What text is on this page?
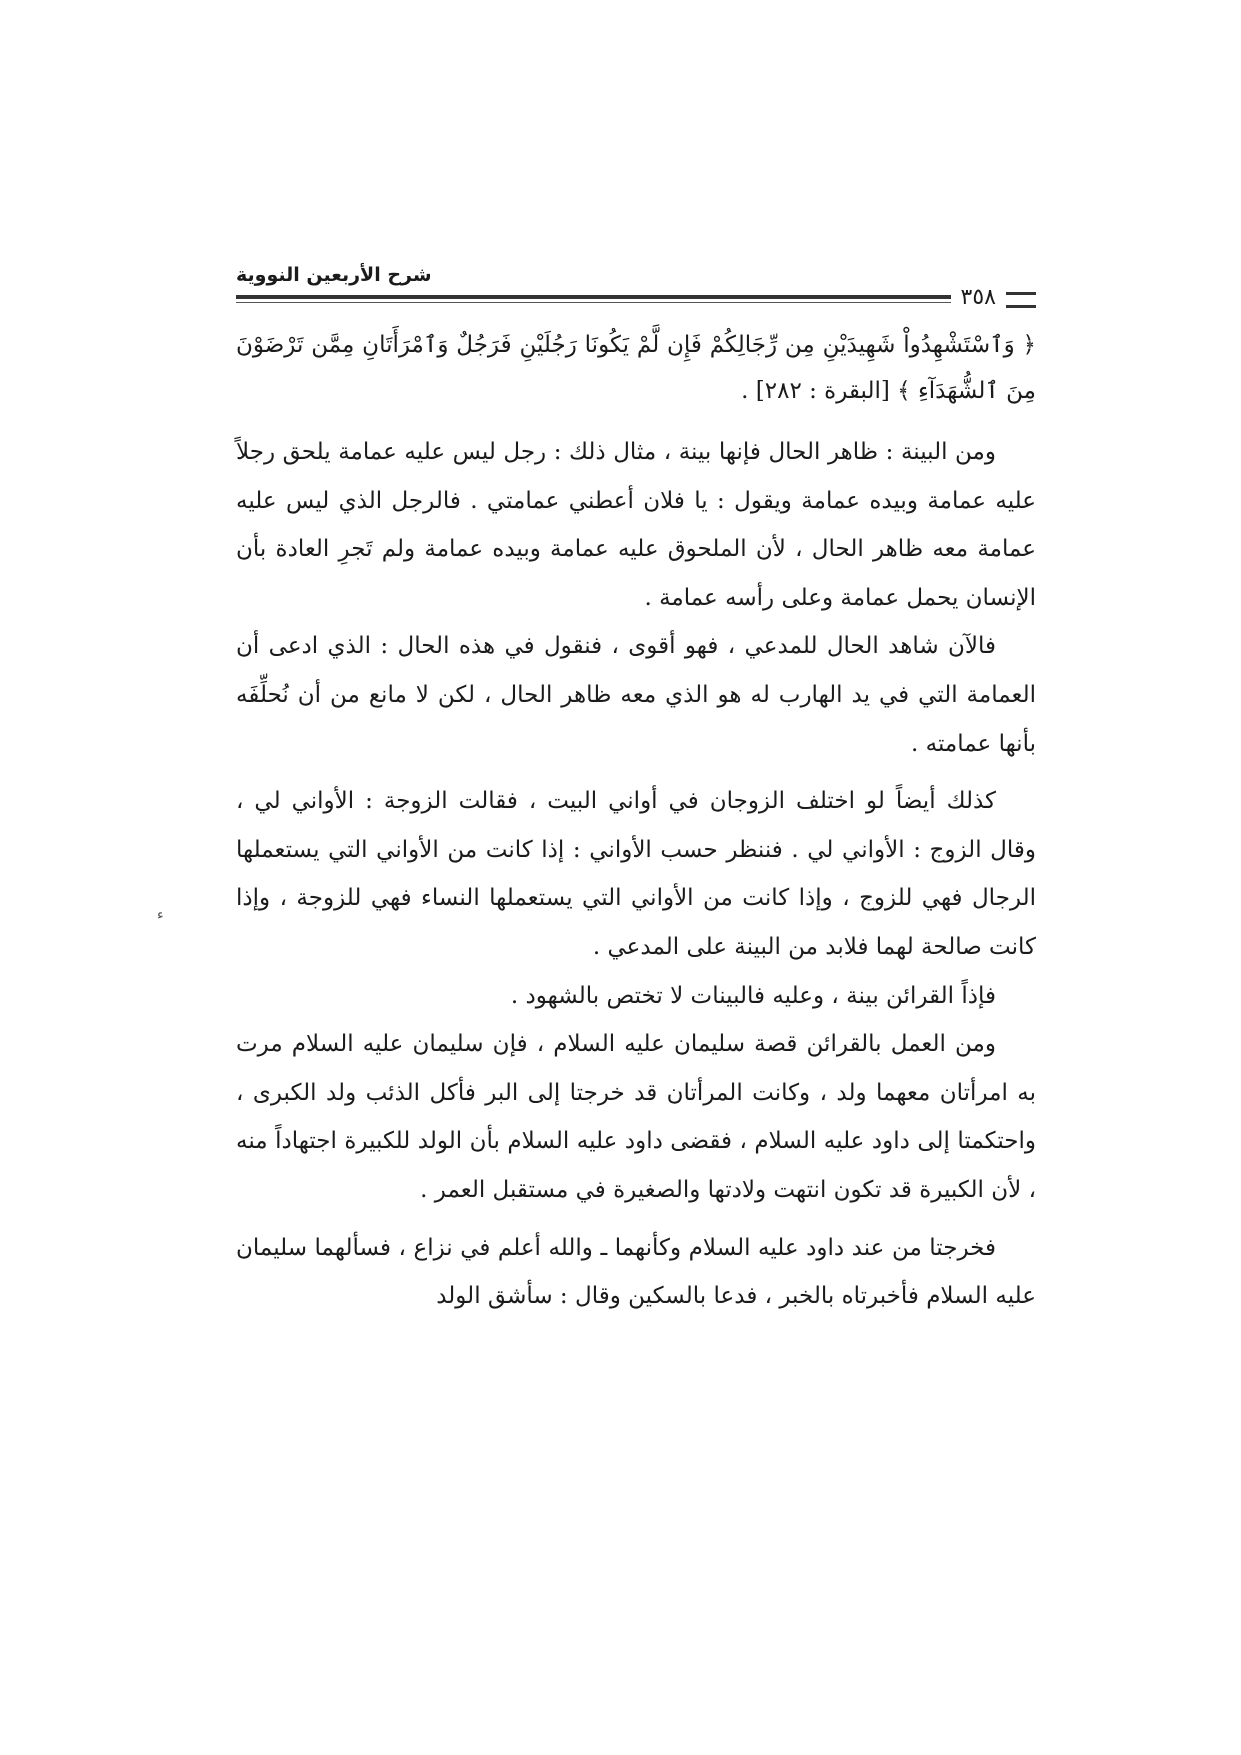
شرح الأربعين النووية
٣٥٨

﴿ وَٱسْتَشْهِدُواْ شَهِيدَيْنِ مِن رِّجَالِكُمْ فَإِن لَّمْ يَكُونَا رَجُلَيْنِ فَرَجُلٌ وَٱمْرَأَتَانِ مِمَّن تَرْضَوْنَ مِنَ ٱلشُّهَدَآءِ ﴾ [البقرة : ٢٨٢] .

ومن البينة : ظاهر الحال فإنها بينة ، مثال ذلك : رجل ليس عليه عمامة يلحق رجلاً عليه عمامة وبيده عمامة ويقول : يا فلان أعطني عمامتي . فالرجل الذي ليس عليه عمامة معه ظاهر الحال ، لأن الملحوق عليه عمامة وبيده عمامة ولم تَجرِ العادة بأن الإنسان يحمل عمامة وعلى رأسه عمامة .

فالآن شاهد الحال للمدعي ، فهو أقوى ، فنقول في هذه الحال : الذي ادعى أن العمامة التي في يد الهارب له هو الذي معه ظاهر الحال ، لكن لا مانع من أن نُحلِّفَه بأنها عمامته .

كذلك أيضاً لو اختلف الزوجان في أواني البيت ، فقالت الزوجة : الأواني لي ، وقال الزوج : الأواني لي . فننظر حسب الأواني : إذا كانت من الأواني التي يستعملها الرجال فهي للزوج ، وإذا كانت من الأواني التي يستعملها النساء فهي للزوجة ، وإذا كانت صالحة لهما فلابد من البينة على المدعي .

فإذاً القرائن بينة ، وعليه فالبينات لا تختص بالشهود .

ومن العمل بالقرائن قصة سليمان عليه السلام ، فإن سليمان عليه السلام مرت به امرأتان معهما ولد ، وكانت المرأتان قد خرجتا إلى البر فأكل الذئب ولد الكبرى ، واحتكمتا إلى داود عليه السلام ، فقضى داود عليه السلام بأن الولد للكبيرة اجتهاداً منه ، لأن الكبيرة قد تكون انتهت ولادتها والصغيرة في مستقبل العمر .

فخرجتا من عند داود عليه السلام وكأنهما ـ والله أعلم في نزاع ، فسألهما سليمان عليه السلام فأخبرتاه بالخبر ، فدعا بالسكين وقال : سأشق الولد

ء
